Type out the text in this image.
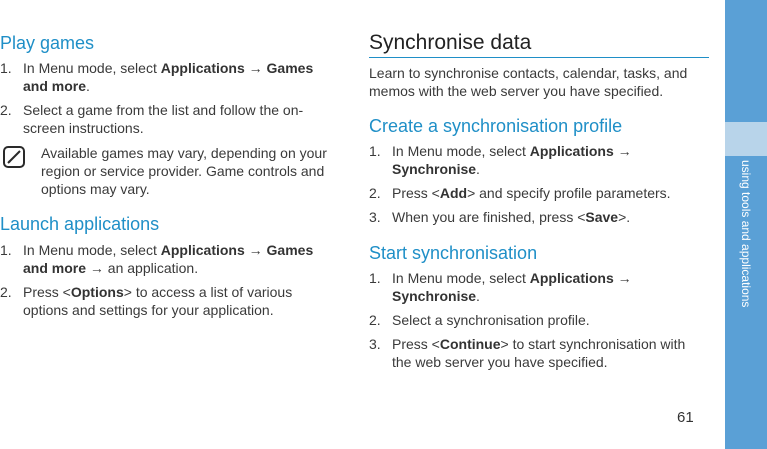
Play games
1. In Menu mode, select Applications → Games and more.
2. Select a game from the list and follow the on-screen instructions.

Available games may vary, depending on your region or service provider. Game controls and options may vary.

Launch applications
1. In Menu mode, select Applications → Games and more → an application.
2. Press <Options> to access a list of various options and settings for your application.
Synchronise data

Learn to synchronise contacts, calendar, tasks, and memos with the web server you have specified.

Create a synchronisation profile
1. In Menu mode, select Applications →
Synchronise.
2. Press <Add> and specify profile parameters.
3. When you are finished, press <Save>.
Start synchronisation
1. In Menu mode, select Applications →
Synchronise.
2. Select a synchronisation profile.
3. Press <Continue> to start synchronisation with the web server you have specified.
using tools and applications
61
